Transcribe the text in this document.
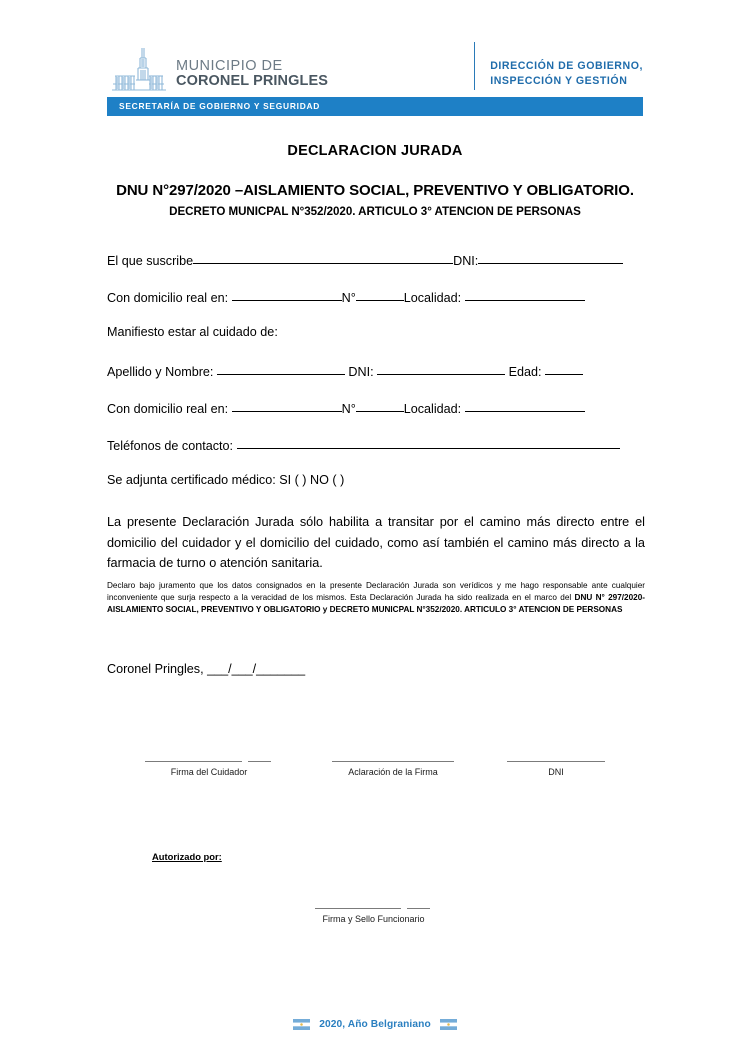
MUNICIPIO DE
CORONEL PRINGLES
DIRECCIÓN DE GOBIERNO,
INSPECCIÓN Y GESTIÓN
SECRETARÍA DE GOBIERNO Y SEGURIDAD
DECLARACION JURADA
DNU N°297/2020 –AISLAMIENTO SOCIAL, PREVENTIVO Y OBLIGATORIO.
DECRETO MUNICPAL N°352/2020. ARTICULO 3° ATENCION DE PERSONAS
El que suscribe	DNI:
Con domicilio real en:	N°	Localidad:
Manifiesto estar al cuidado de:
Apellido y Nombre:	DNI:	Edad:
Con domicilio real en:	N°	Localidad:
Teléfonos de contacto:
Se adjunta certificado médico: SI ( ) NO ( )
La presente Declaración Jurada sólo habilita a transitar por el camino más directo entre el domicilio del cuidador y el domicilio del cuidado, como así también el camino más directo a la farmacia de turno o atención sanitaria.
Declaro bajo juramento que los datos consignados en la presente Declaración Jurada son verídicos y me hago responsable ante cualquier inconveniente que surja respecto a la veracidad de los mismos. Esta Declaración Jurada ha sido realizada en el marco del DNU N° 297/2020-AISLAMIENTO SOCIAL, PREVENTIVO Y OBLIGATORIO y DECRETO MUNICPAL N°352/2020. ARTICULO 3° ATENCION DE PERSONAS
Coronel Pringles, ___/___/_______
Firma del Cuidador	Aclaración de la Firma	DNI
Autorizado por:
Firma y Sello Funcionario
2020, Año Belgraniano
